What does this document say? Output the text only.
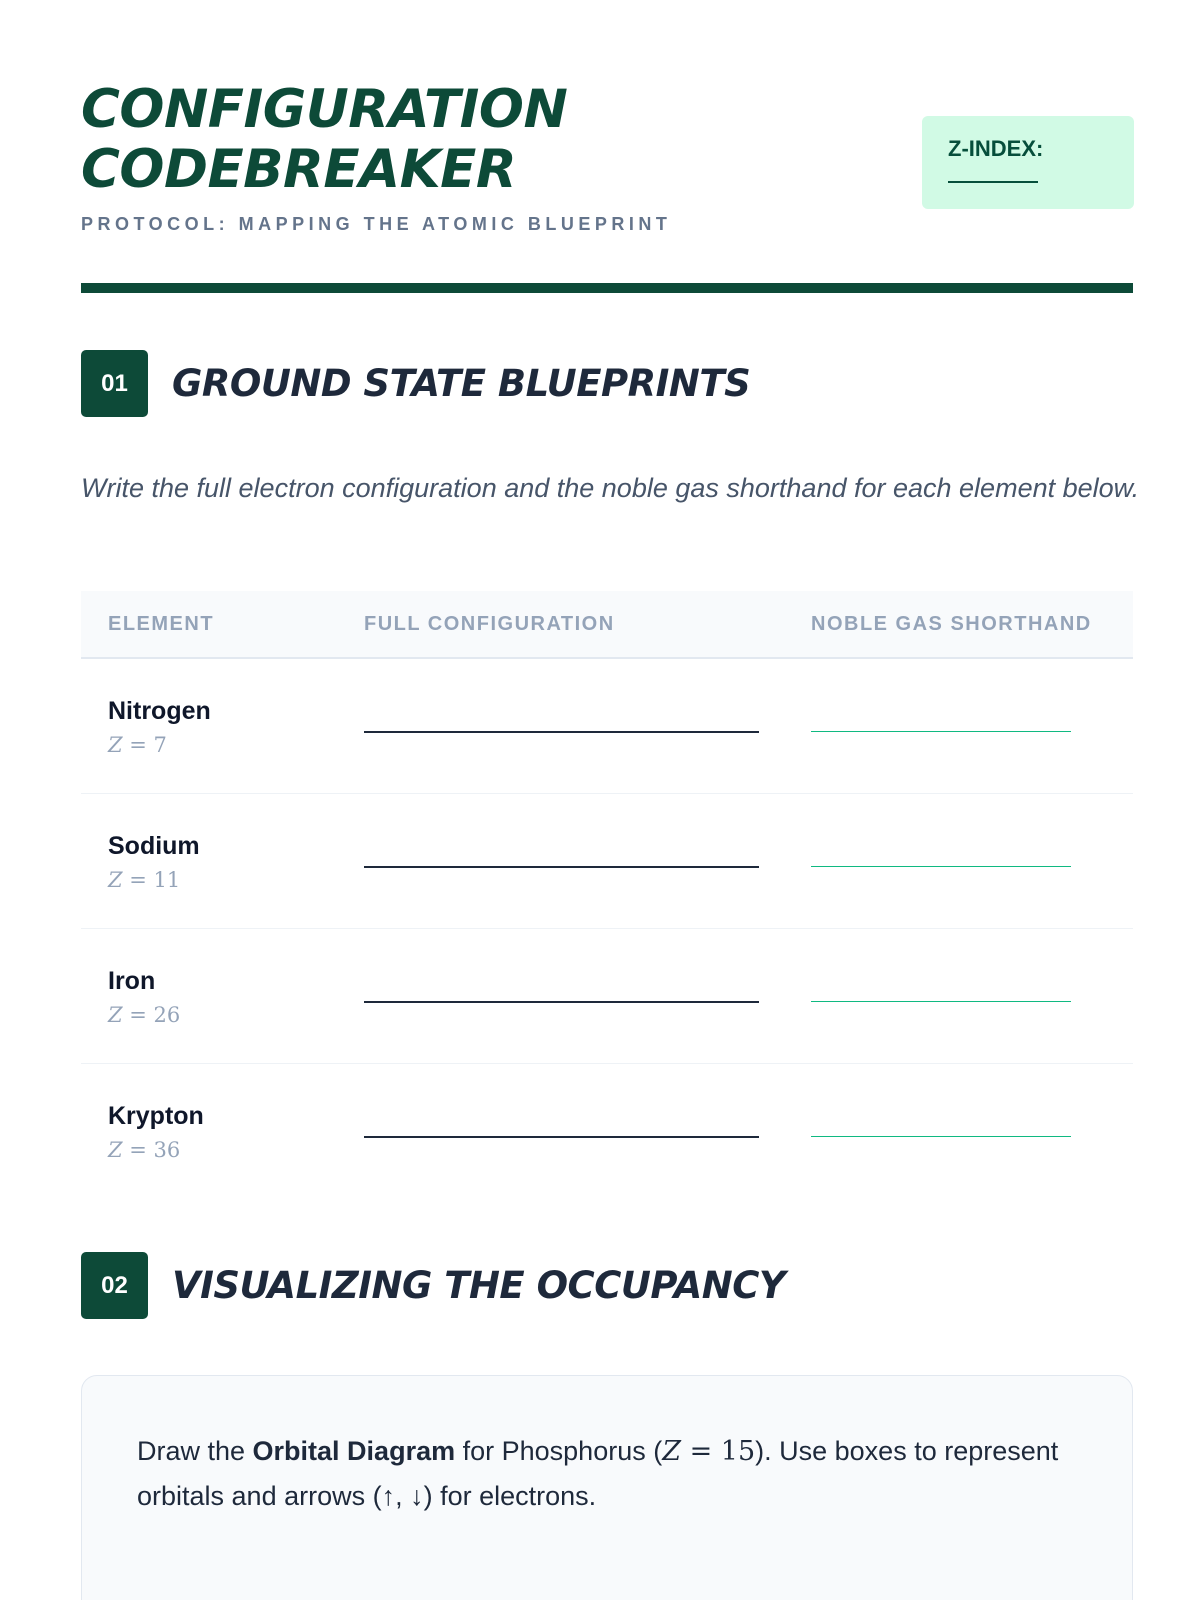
CONFIGURATION
CODEBREAKER
PROTOCOL: MAPPING THE ATOMIC BLUEPRINT
Z-INDEX:
01	GROUND STATE BLUEPRINTS
Write the full electron configuration and the noble gas shorthand for each element below.
ELEMENT	FULL CONFIGURATION	NOBLE GAS SHORTHAND
Nitrogen
Z = 7
Sodium
Z = 11
Iron
Z = 26
Krypton
Z = 36
02	VISUALIZING THE OCCUPANCY
Draw the Orbital Diagram for Phosphorus (Z = 15). Use boxes to represent orbitals and arrows (↑, ↓) for electrons.
